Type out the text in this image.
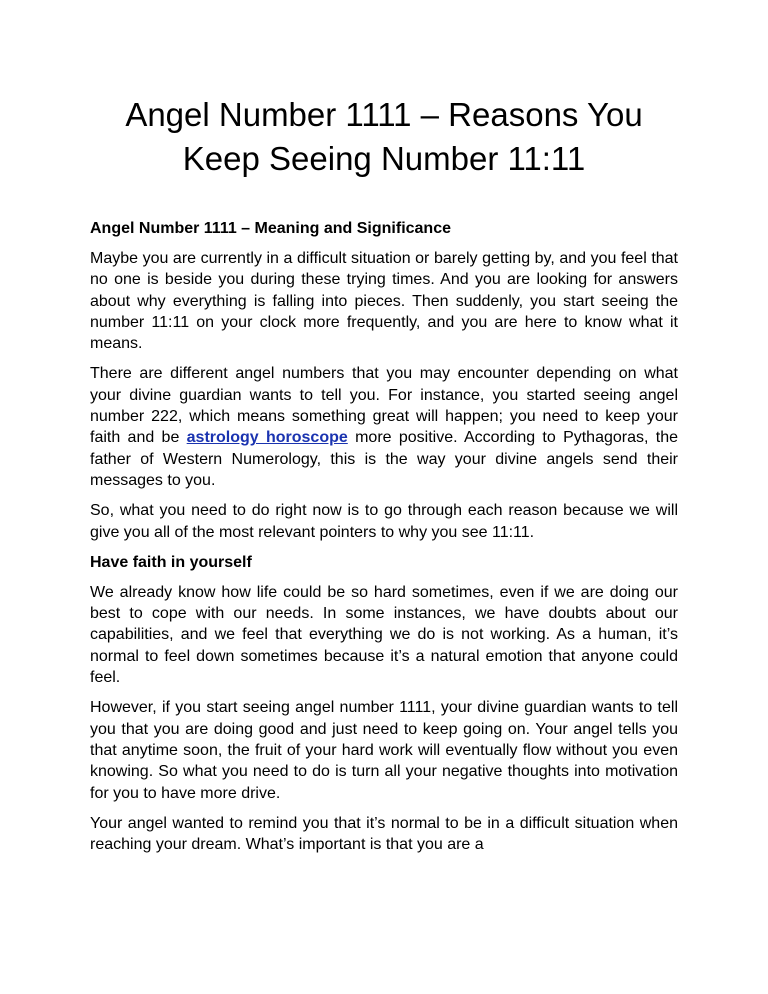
Angel Number 1111 – Reasons You Keep Seeing Number 11:11
Angel Number 1111 – Meaning and Significance
Maybe you are currently in a difficult situation or barely getting by, and you feel that no one is beside you during these trying times. And you are looking for answers about why everything is falling into pieces. Then suddenly, you start seeing the number 11:11 on your clock more frequently, and you are here to know what it means.
There are different angel numbers that you may encounter depending on what your divine guardian wants to tell you. For instance, you started seeing angel number 222, which means something great will happen; you need to keep your faith and be astrology horoscope more positive. According to Pythagoras, the father of Western Numerology, this is the way your divine angels send their messages to you.
So, what you need to do right now is to go through each reason because we will give you all of the most relevant pointers to why you see 11:11.
Have faith in yourself
We already know how life could be so hard sometimes, even if we are doing our best to cope with our needs. In some instances, we have doubts about our capabilities, and we feel that everything we do is not working. As a human, it’s normal to feel down sometimes because it’s a natural emotion that anyone could feel.
However, if you start seeing angel number 1111, your divine guardian wants to tell you that you are doing good and just need to keep going on. Your angel tells you that anytime soon, the fruit of your hard work will eventually flow without you even knowing. So what you need to do is turn all your negative thoughts into motivation for you to have more drive.
Your angel wanted to remind you that it’s normal to be in a difficult situation when reaching your dream. What’s important is that you are a
